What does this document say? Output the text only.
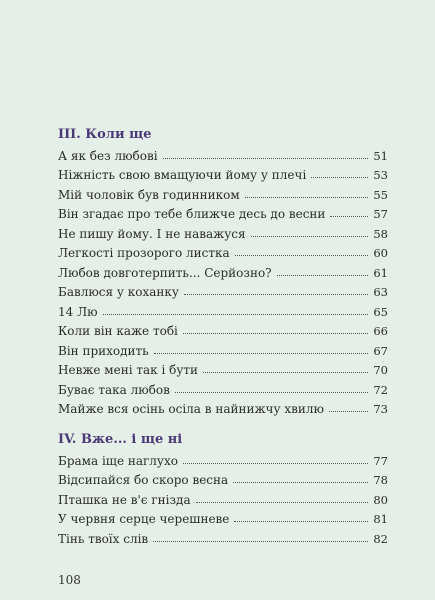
III. Коли ще
А як без любові	51
Ніжність свою вмащуючи йому у плечі	53
Мій чоловік був годинником	55
Він згадає про тебе ближче десь до весни	57
Не пишу йому. І не наважуся	58
Легкості прозорого листка	60
Любов довготерпить... Серйозно?	61
Бавлюся у коханку	63
14 Лю	65
Коли він каже тобі	66
Він приходить	67
Невже мені так і бути	70
Буває така любов	72
Майже вся осінь осіла в найнижчу хвилю	73
IV. Вже... і ще ні
Брама іще наглухо	77
Відсипайся бо скоро весна	78
Пташка не в'є гнізда	80
У червня серце черешневе	81
Тінь твоїх слів	82
108
